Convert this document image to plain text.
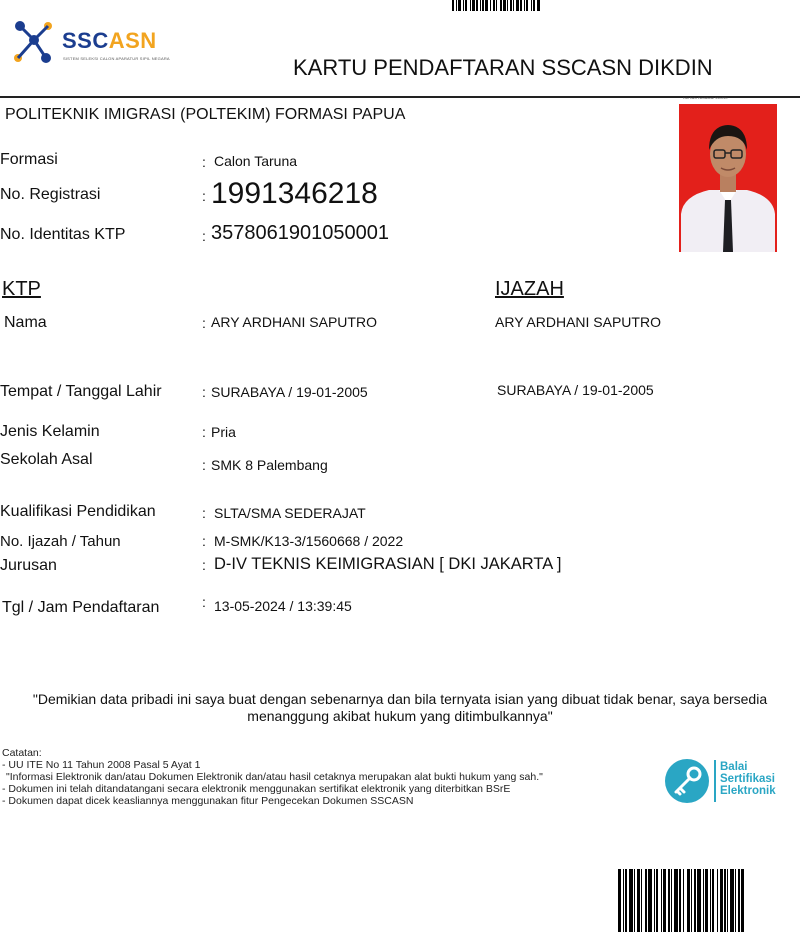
SSCASN
SISTEM SELEKSI CALON APARATUR SIPIL NEGARA	KARTU PENDAFTARAN SSCASN DIKDIN
POLITEKNIK IMIGRASI (POLTEKIM) FORMASI PAPUA
Foto Kartu Pendaftaran SSCASN
Formasi	: Calon Taruna
No. Registrasi	: 1991346218
No. Identitas KTP	: 3578061901050001
KTP	IJAZAH
Nama	: ARY ARDHANI SAPUTRO	ARY ARDHANI SAPUTRO
Tempat / Tanggal Lahir	: SURABAYA / 19-01-2005	SURABAYA / 19-01-2005
Jenis Kelamin	: Pria
Sekolah Asal	: SMK 8 Palembang
Kualifikasi Pendidikan	: SLTA/SMA SEDERAJAT
No. Ijazah / Tahun	: M-SMK/K13-3/1560668 / 2022
Jurusan	: D-IV TEKNIS KEIMIGRASIAN [ DKI JAKARTA ]
Tgl / Jam Pendaftaran	: 13-05-2024 / 13:39:45
"Demikian data pribadi ini saya buat dengan sebenarnya dan bila ternyata isian yang dibuat tidak benar, saya bersedia
menanggung akibat hukum yang ditimbulkannya"
Catatan:
- UU ITE No 11 Tahun 2008 Pasal 5 Ayat 1
"Informasi Elektronik dan/atau Dokumen Elektronik dan/atau hasil cetaknya merupakan alat bukti hukum yang sah."
- Dokumen ini telah ditandatangani secara elektronik menggunakan sertifikat elektronik yang diterbitkan BSrE
- Dokumen dapat dicek keasliannya menggunakan fitur Pengecekan Dokumen SSCASN
Balai
Sertifikasi
Elektronik
